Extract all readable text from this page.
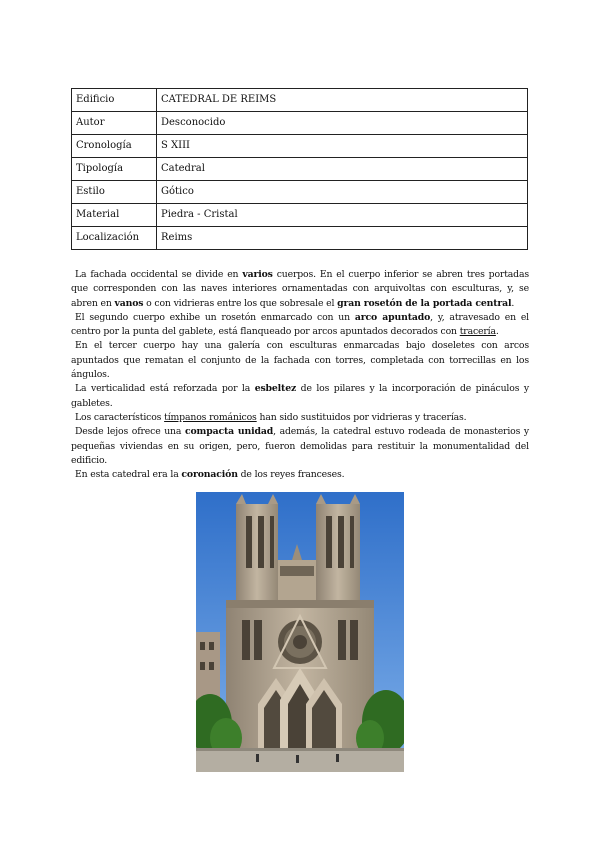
Edificio	CATEDRAL DE REIMS
Autor	Desconocido
Cronología	S XIII
Tipología	Catedral
Estilo	Gótico
Material	Piedra - Cristal
Localización	Reims

La fachada occidental se divide en varios cuerpos. En el cuerpo inferior se abren tres portadas que corresponden con las naves interiores ornamentadas con arquivoltas con esculturas, y, se abren en vanos o con vidrieras entre los que sobresale el gran rosetón de la portada central.

El segundo cuerpo exhibe un rosetón enmarcado con un arco apuntado, y, atravesado en el centro por la punta del gablete, está flanqueado por arcos apuntados decorados con tracería.

En el tercer cuerpo hay una galería con esculturas enmarcadas bajo doseletes con arcos apuntados que rematan el conjunto de la fachada con torres, completada con torrecillas en los ángulos.

La verticalidad está reforzada por la esbeltez de los pilares y la incorporación de pináculos y gabletes.

Los característicos tímpanos románicos han sido sustituidos por vidrieras y tracerías.

Desde lejos ofrece una compacta unidad, además, la catedral estuvo rodeada de monasterios y pequeñas viviendas en su origen, pero, fueron demolidas para restituir la monumentalidad del edificio.

En esta catedral era la coronación de los reyes franceses.
